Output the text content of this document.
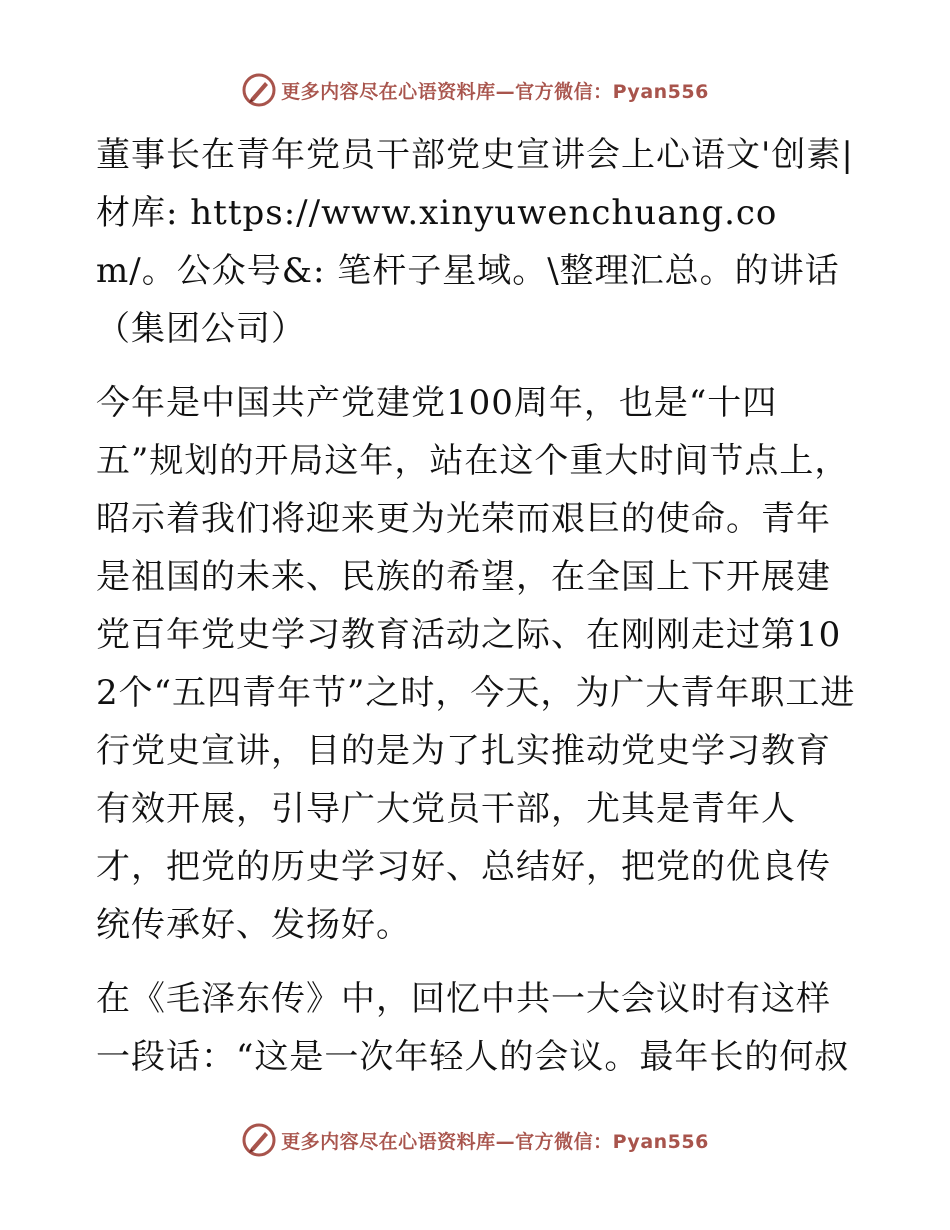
更多内容尽在心语资料库—官方微信：Pyan556

董事长在青年党员干部党史宣讲会上心语文'创素|材库: https://www.xinyuwenchuang.com/。公众号&: 笔杆子星域。\整理汇总。的讲话（集团公司）

今年是中国共产党建党100周年，也是“十四五”规划的开局这年，站在这个重大时间节点上，昭示着我们将迎来更为光荣而艰巨的使命。青年是祖国的未来、民族的希望，在全国上下开展建党百年党史学习教育活动之际、在刚刚走过第102个“五四青年节”之时，今天，为广大青年职工进行党史宣讲，目的是为了扎实推动党史学习教育有效开展，引导广大党员干部，尤其是青年人才，把党的历史学习好、总结好，把党的优良传统传承好、发扬好。

在《毛泽东传》中，回忆中共一大会议时有这样一段话：“这是一次年轻人的会议。最年长的何叔

更多内容尽在心语资料库—官方微信：Pyan556
